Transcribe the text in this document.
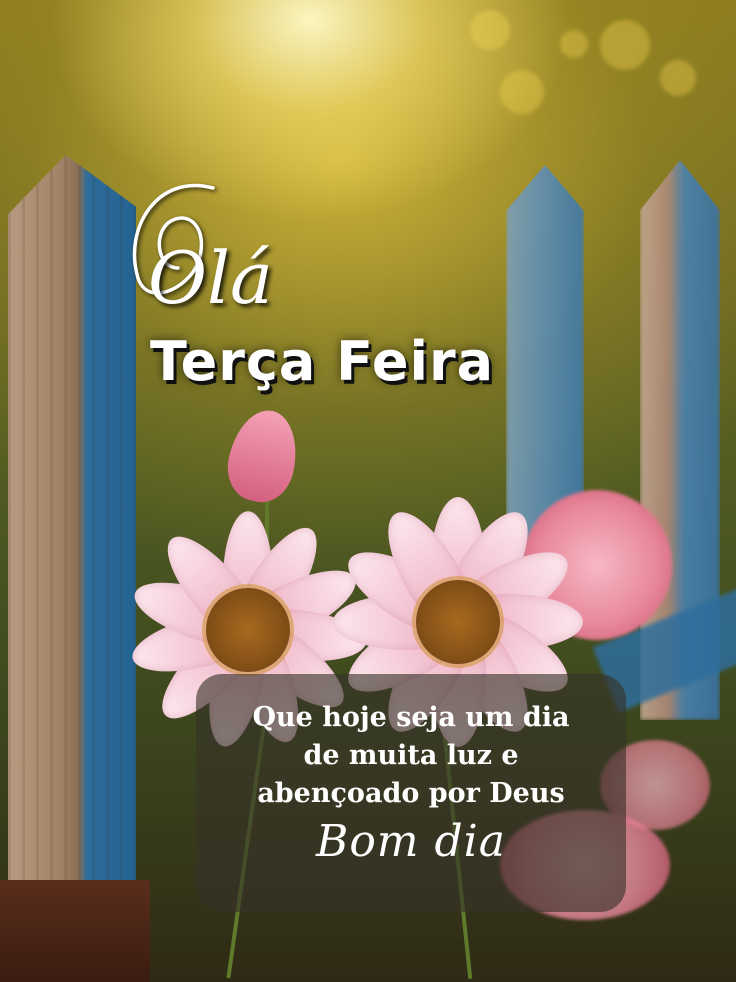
Olá
Terça Feira
Que hoje seja um dia
de muita luz e
abençoado por Deus
Bom dia
